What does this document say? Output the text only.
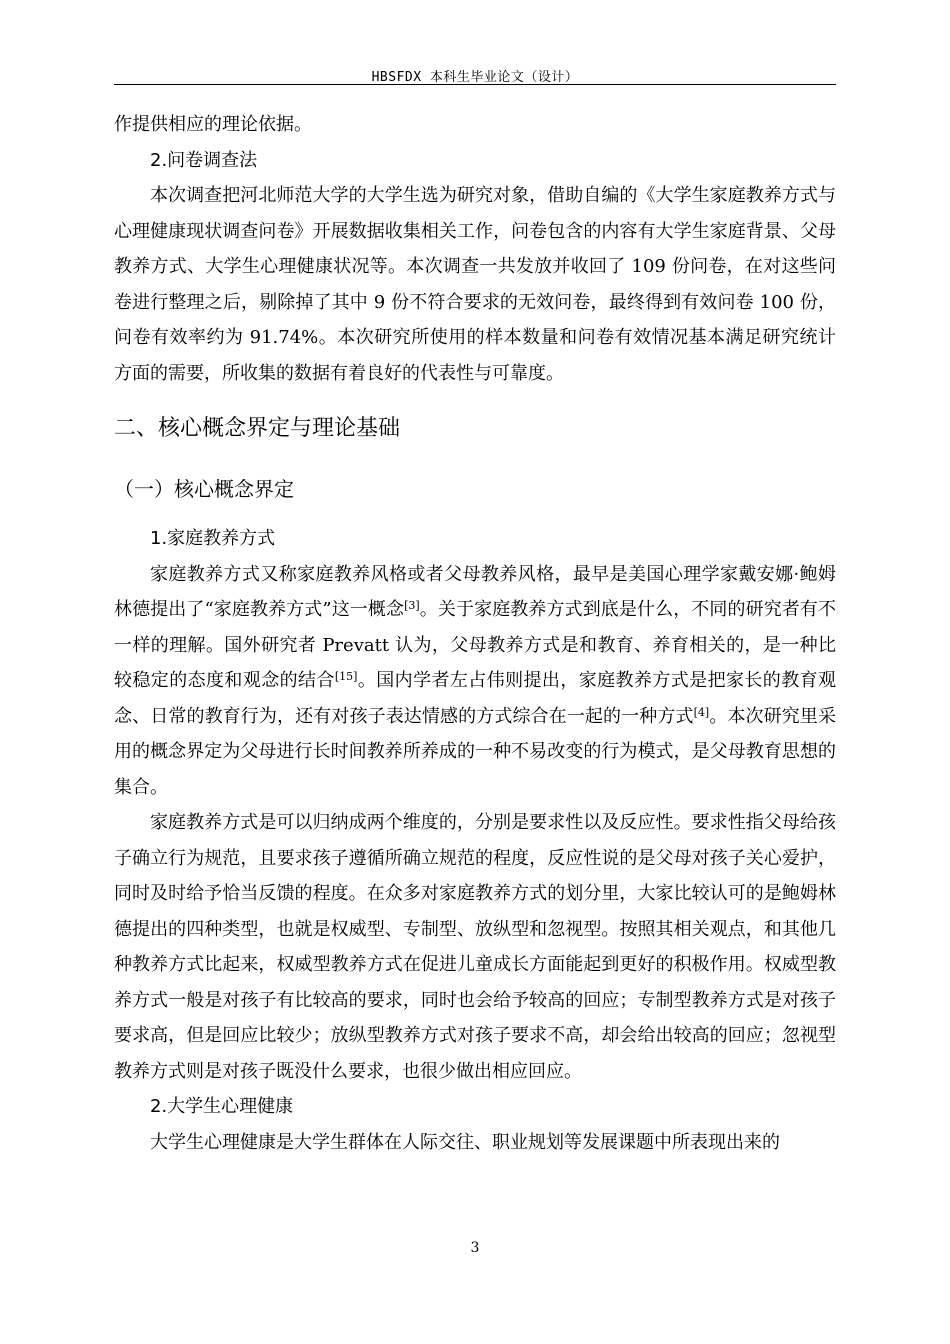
HBSFDX 本科生毕业论文（设计）

作提供相应的理论依据。

2.问卷调查法

本次调查把河北师范大学的大学生选为研究对象，借助自编的《大学生家庭教养方式与心理健康现状调查问卷》开展数据收集相关工作，问卷包含的内容有大学生家庭背景、父母教养方式、大学生心理健康状况等。本次调查一共发放并收回了 109 份问卷，在对这些问卷进行整理之后，剔除掉了其中 9 份不符合要求的无效问卷，最终得到有效问卷 100 份，问卷有效率约为 91.74%。本次研究所使用的样本数量和问卷有效情况基本满足研究统计方面的需要，所收集的数据有着良好的代表性与可靠度。

二、核心概念界定与理论基础
（一）核心概念界定
1.家庭教养方式

家庭教养方式又称家庭教养风格或者父母教养风格，最早是美国心理学家戴安娜·鲍姆林德提出了“家庭教养方式”这一概念[3]。关于家庭教养方式到底是什么，不同的研究者有不一样的理解。国外研究者 Prevatt 认为，父母教养方式是和教育、养育相关的，是一种比较稳定的态度和观念的结合[15]。国内学者左占伟则提出，家庭教养方式是把家长的教育观念、日常的教育行为，还有对孩子表达情感的方式综合在一起的一种方式[4]。本次研究里采用的概念界定为父母进行长时间教养所养成的一种不易改变的行为模式，是父母教育思想的集合。

家庭教养方式是可以归纳成两个维度的，分别是要求性以及反应性。要求性指父母给孩子确立行为规范，且要求孩子遵循所确立规范的程度，反应性说的是父母对孩子关心爱护，同时及时给予恰当反馈的程度。在众多对家庭教养方式的划分里，大家比较认可的是鲍姆林德提出的四种类型，也就是权威型、专制型、放纵型和忽视型。按照其相关观点，和其他几种教养方式比起来，权威型教养方式在促进儿童成长方面能起到更好的积极作用。权威型教养方式一般是对孩子有比较高的要求，同时也会给予较高的回应；专制型教养方式是对孩子要求高，但是回应比较少；放纵型教养方式对孩子要求不高，却会给出较高的回应；忽视型教养方式则是对孩子既没什么要求，也很少做出相应回应。

2.大学生心理健康

大学生心理健康是大学生群体在人际交往、职业规划等发展课题中所表现出来的

3
